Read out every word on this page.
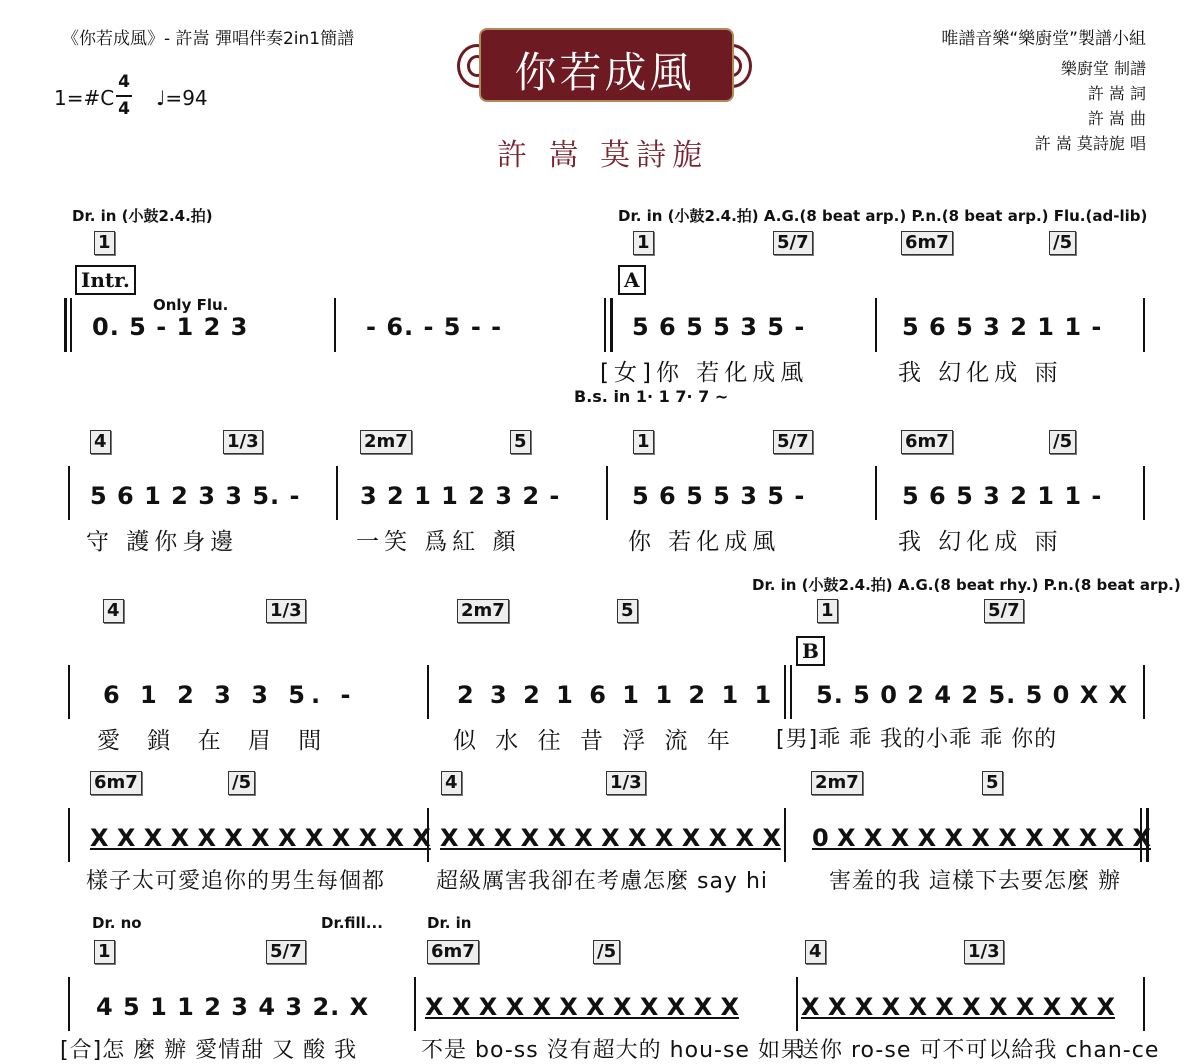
《你若成風》- 許嵩 彈唱伴奏2in1簡譜
1=#C
4
4 ♩=94
你若成風
許 嵩 莫詩旎
唯譜音樂“樂廚堂”製譜小組
樂廚堂 制譜
許 嵩 詞
許 嵩 曲
許 嵩 莫詩旎 唱
Dr. in (小鼓2.4.拍)	Dr. in (小鼓2.4.拍) A.G.(8 beat arp.) P.n.(8 beat arp.) Flu.(ad-lib)
1	1	5/7	6m7	/5
Intr.	A
Only Flu.
0. 5 - 1 2 3	- 6. - 5 - -	5 6 5 5 3 5 -	5 6 5 3 2 1 1 -
[女]你 若化成風	我 幻化成 雨
B.s. in 1· 1 7· 7 ~
4	1/3	2m7	5	1	5/7	6m7	/5
5 6 1 2 3 3 5. - 3 2 1 1 2 3 2 -	5 6 5 5 3 5 -	5 6 5 3 2 1 1 -
守 護你身邊	一笑 爲紅 顏	你 若化成風	我 幻化成 雨
Dr. in (小鼓2.4.拍) A.G.(8 beat rhy.) P.n.(8 beat arp.)
4	1/3	2m7	5	1	5/7
B
6 1 2 3 3 5. -	2 3 2 1 6 1 1 2 1 1 5. 5 0 2 4 2 5. 5 0 X X
愛 鎖 在 眉 間	似 水 往 昔 浮 流 年 [男]乖 乖 我的小乖 乖 你的
6m7	/5	4	1/3	2m7	5
X X X X X X X X X X X X X X X X X X X X X X X X X X 0 X X X X X X X X X X X X
樣子太可愛追你的男生每個都 超級厲害我卻在考慮怎麼 say hi	害羞的我 這樣下去要怎麼 辦
Dr. no	Dr.fill...	Dr. in
1	5/7	6m7	/5	4	1/3
4 5 1 1 2 3 4 3 2. X X X X X X X X X X X X X	X X X X X X X X X X X X
[合]怎 麼 辦 愛情甜 又 酸 我	不是 bo-ss 沒有超大的 hou-se 如果
送你 ro-se 可不可以給我 chan-ce
